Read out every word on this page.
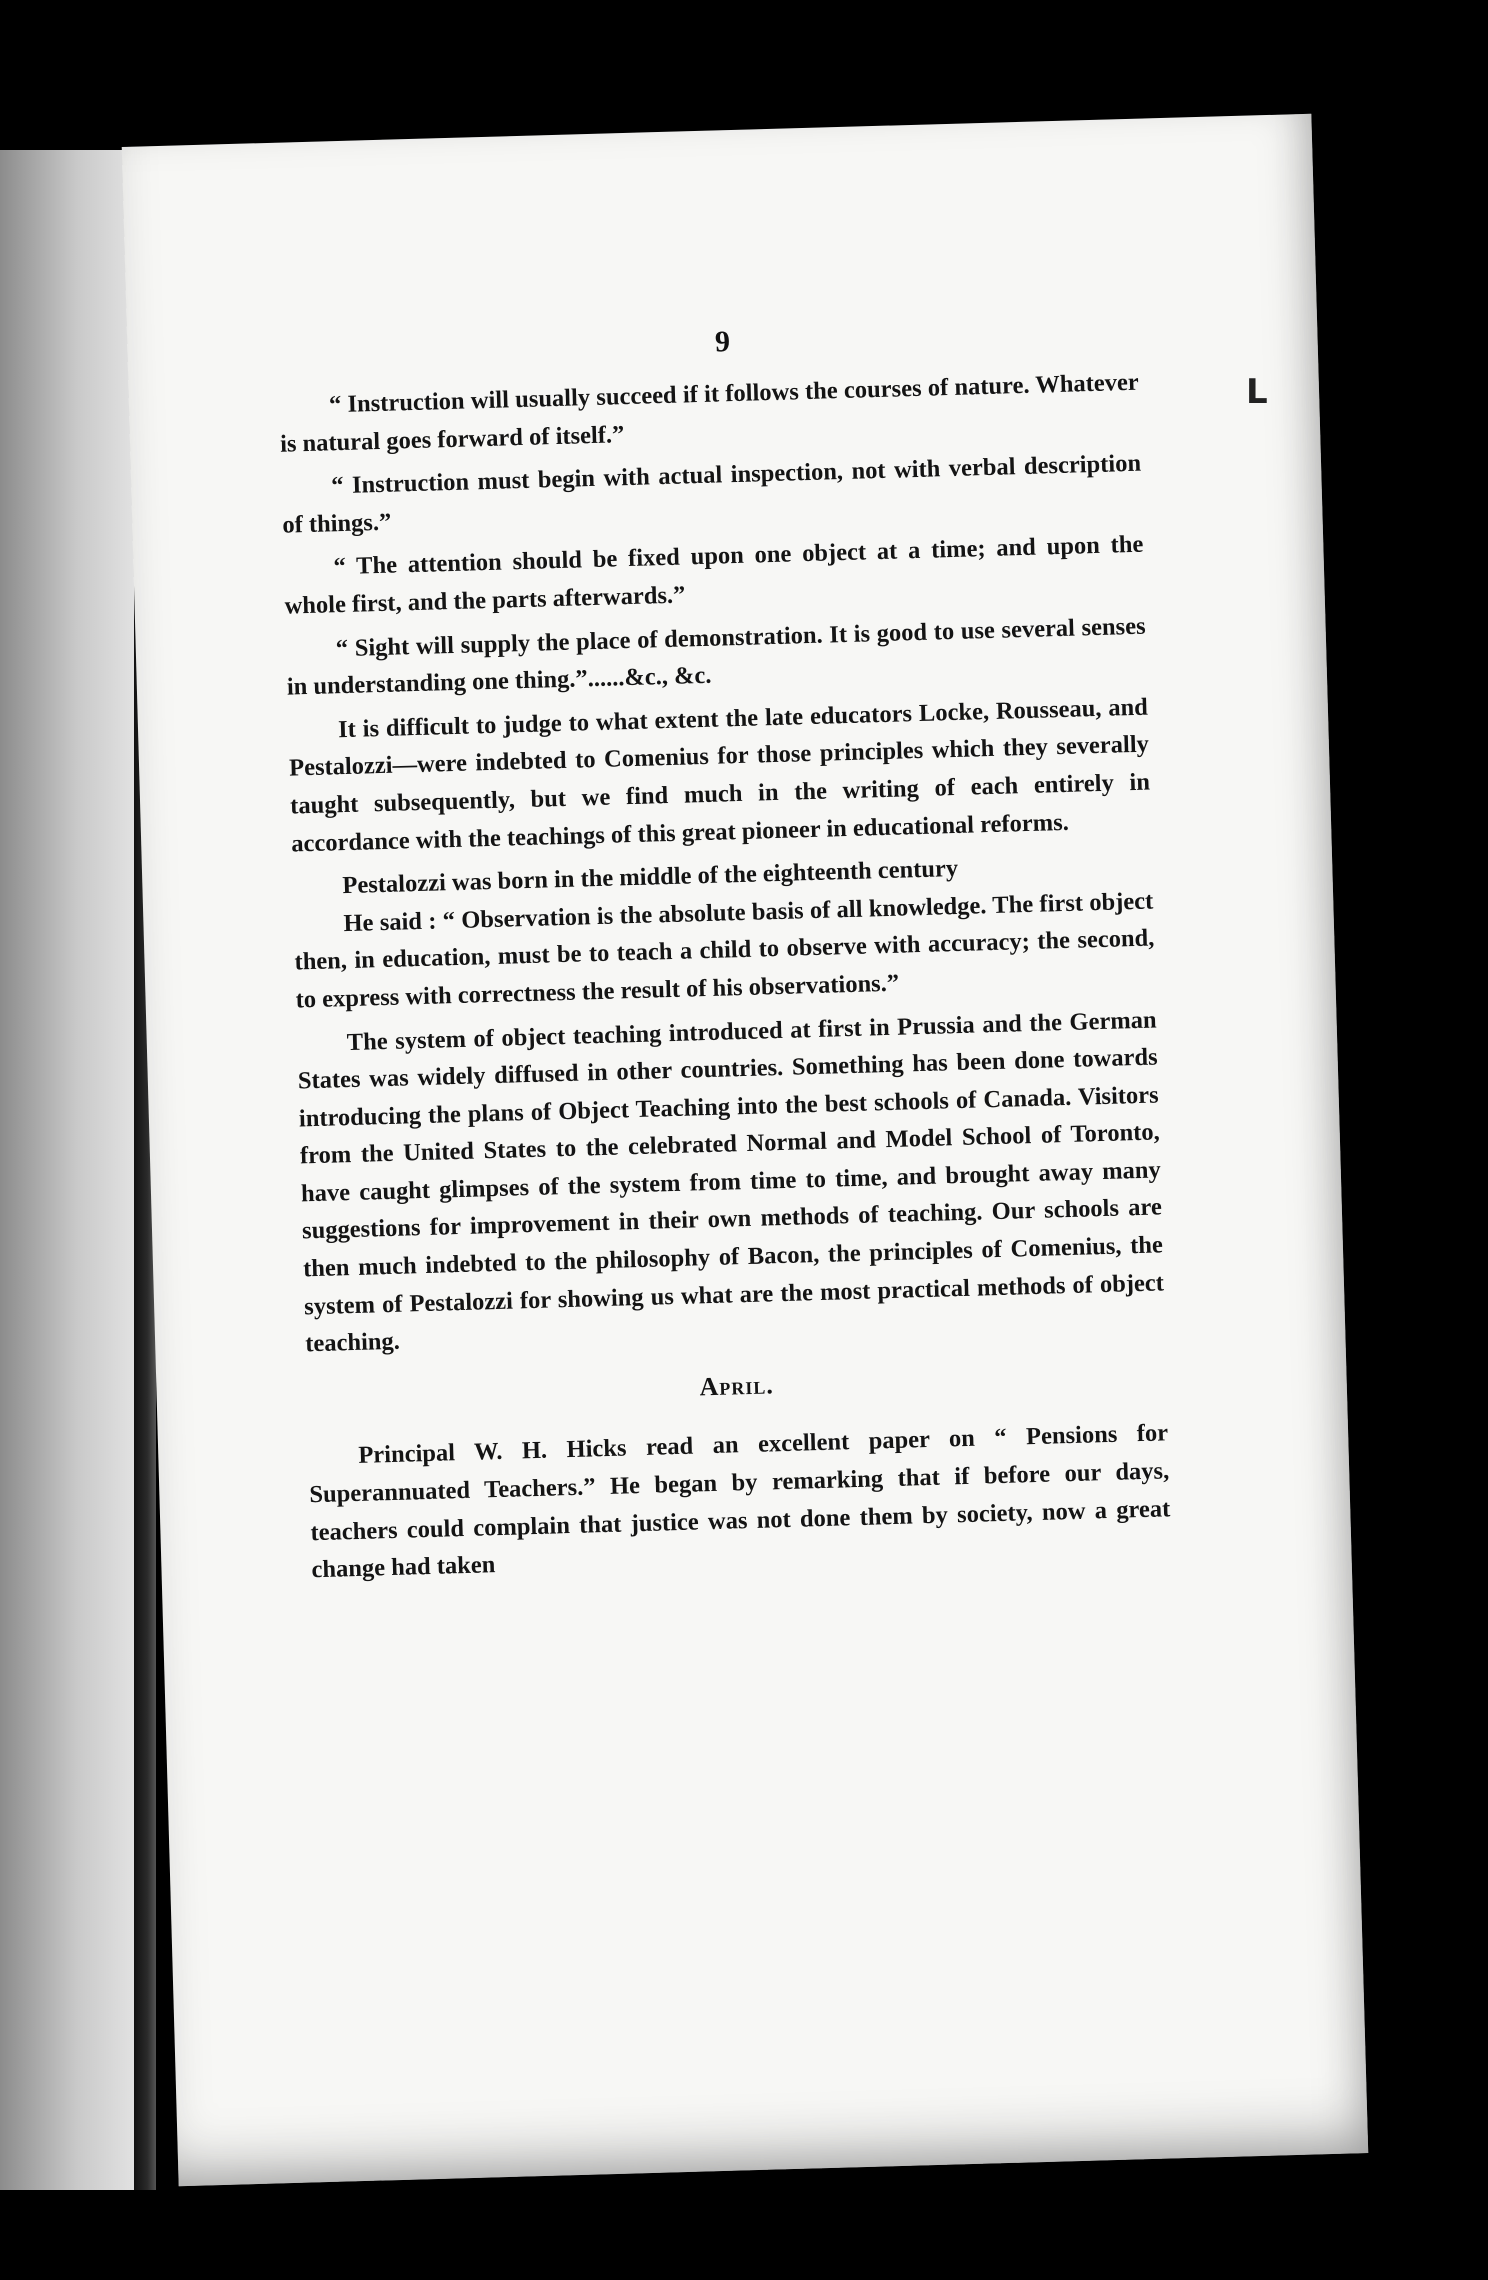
9

“ Instruction will usually succeed if it follows the courses of nature. Whatever is natural goes forward of itself.”

“ Instruction must begin with actual inspection, not with verbal description of things.”

“ The attention should be fixed upon one object at a time; and upon the whole first, and the parts afterwards.”

“ Sight will supply the place of demonstration. It is good to use several senses in understanding one thing.”......&c., &c.

It is difficult to judge to what extent the late educators Locke, Rousseau, and Pestalozzi—were indebted to Comenius for those principles which they severally taught subsequently, but we find much in the writing of each entirely in accordance with the teachings of this great pioneer in educational reforms.

Pestalozzi was born in the middle of the eighteenth century

He said : “ Observation is the absolute basis of all knowledge. The first object then, in education, must be to teach a child to observe with accuracy; the second, to express with correctness the result of his observations.”

The system of object teaching introduced at first in Prussia and the German States was widely diffused in other countries. Something has been done towards introducing the plans of Object Teaching into the best schools of Canada. Visitors from the United States to the celebrated Normal and Model School of Toronto, have caught glimpses of the system from time to time, and brought away many suggestions for improvement in their own methods of teaching. Our schools are then much indebted to the philosophy of Bacon, the principles of Comenius, the system of Pestalozzi for showing us what are the most practical methods of object teaching.

April.

Principal W. H. Hicks read an excellent paper on “ Pensions for Superannuated Teachers.” He began by remarking that if before our days, teachers could complain that justice was not done them by society, now a great change had taken

L
